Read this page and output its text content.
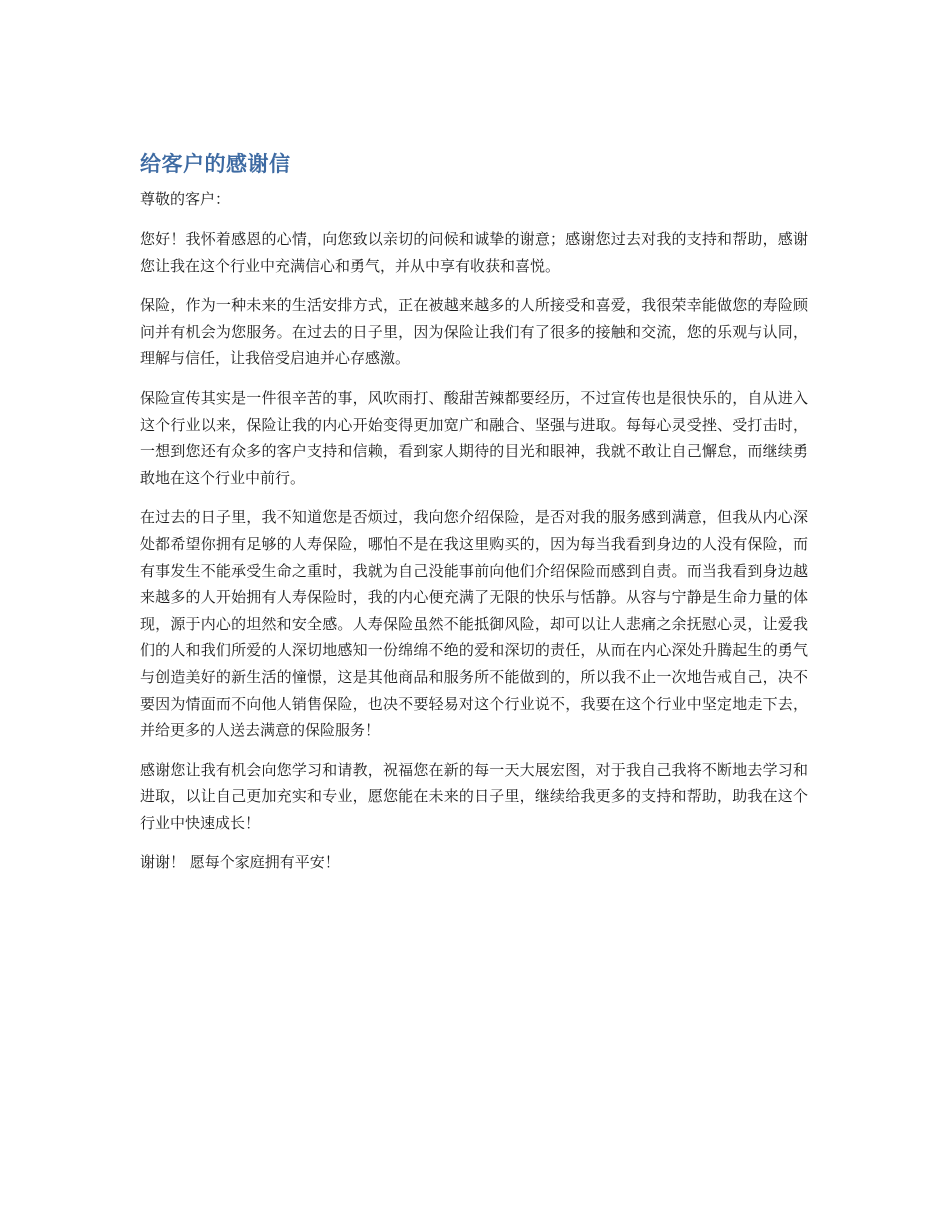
给客户的感谢信

尊敬的客户：

您好！我怀着感恩的心情，向您致以亲切的问候和诚挚的谢意；感谢您过去对我的支持和帮助，感谢您让我在这个行业中充满信心和勇气，并从中享有收获和喜悦。

保险，作为一种未来的生活安排方式，正在被越来越多的人所接受和喜爱，我很荣幸能做您的寿险顾问并有机会为您服务。在过去的日子里，因为保险让我们有了很多的接触和交流，您的乐观与认同，理解与信任，让我倍受启迪并心存感激。

保险宣传其实是一件很辛苦的事，风吹雨打、酸甜苦辣都要经历，不过宣传也是很快乐的，自从进入这个行业以来，保险让我的内心开始变得更加宽广和融合、坚强与进取。每每心灵受挫、受打击时，一想到您还有众多的客户支持和信赖，看到家人期待的目光和眼神，我就不敢让自己懈怠，而继续勇敢地在这个行业中前行。

在过去的日子里，我不知道您是否烦过，我向您介绍保险，是否对我的服务感到满意，但我从内心深处都希望你拥有足够的人寿保险，哪怕不是在我这里购买的，因为每当我看到身边的人没有保险，而有事发生不能承受生命之重时，我就为自己没能事前向他们介绍保险而感到自责。而当我看到身边越来越多的人开始拥有人寿保险时，我的内心便充满了无限的快乐与恬静。从容与宁静是生命力量的体现，源于内心的坦然和安全感。人寿保险虽然不能抵御风险，却可以让人悲痛之余抚慰心灵，让爱我们的人和我们所爱的人深切地感知一份绵绵不绝的爱和深切的责任，从而在内心深处升腾起生的勇气与创造美好的新生活的憧憬，这是其他商品和服务所不能做到的，所以我不止一次地告戒自己，决不要因为情面而不向他人销售保险，也决不要轻易对这个行业说不，我要在这个行业中坚定地走下去，并给更多的人送去满意的保险服务！

感谢您让我有机会向您学习和请教，祝福您在新的每一天大展宏图，对于我自己我将不断地去学习和进取，以让自己更加充实和专业，愿您能在未来的日子里，继续给我更多的支持和帮助，助我在这个行业中快速成长！

谢谢！ 愿每个家庭拥有平安！
